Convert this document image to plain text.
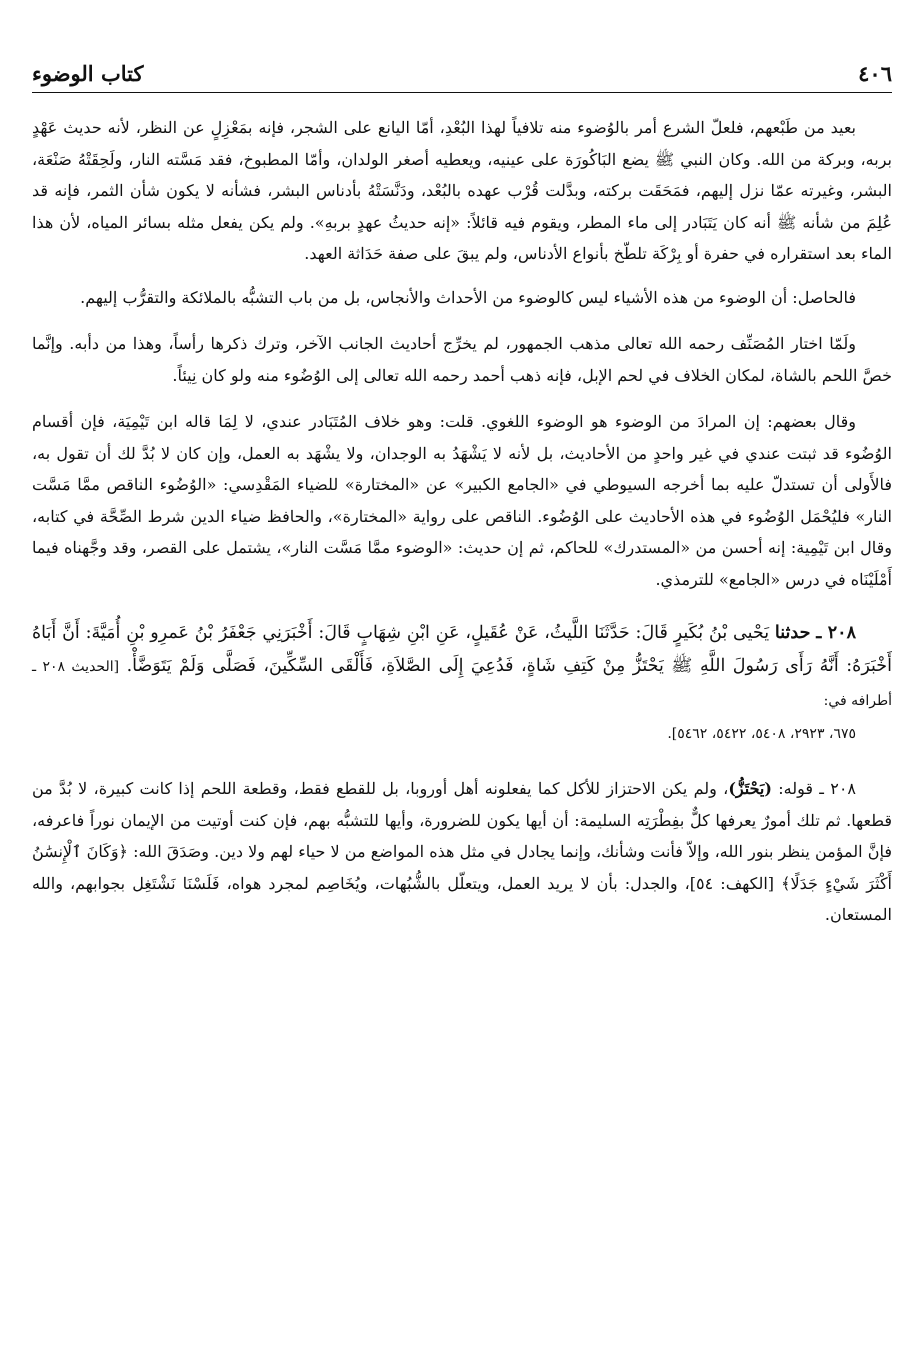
٤٠٦
كتاب الوضوء

بعيد من طَبْعهم، فلعلّ الشرع أمر بالوُضوء منه تلافياً لهذا البُعْدِ، أمّا اليانع على الشجر، فإنه بمَعْزِلٍ عن النظر، لأنه حديث عَهْدٍ بربه، وبركة من الله. وكان النبي ﷺ يضع البَاكُورَة على عينيه، ويعطيه أصغر الولدان، وأمّا المطبوخ، فقد مَسَّته النار، ولَحِقَتْهُ صَنْعَة، البشر، وغيرته عمّا نزل إليهم، فمَحَقَت بركته، وبدَّلت قُرْب عهده بالبُعْد، ودَنَّسَتْهُ بأدناس البشر، فشأنه لا يكون شأن الثمر، فإنه قد عُلِمَ من شأنه ﷺ أنه كان يَتَبَادر إلى ماء المطر، ويقوم فيه قائلاً: «إنه حديثُ عهدٍ بربهِ». ولم يكن يفعل مثله بسائر المياه، لأن هذا الماء بعد استقراره في حفرة أو بِرْكَة تلطّخ بأنواع الأدناس، ولم يبقَ على صفة حَدَاثة العهد.

فالحاصل: أن الوضوء من هذه الأشياء ليس كالوضوء من الأحداث والأنجاس، بل من باب التشبُّه بالملائكة والتقرُّب إليهم.

ولَمّا اختار المُصَنِّف رحمه الله تعالى مذهب الجمهور، لم يخرِّج أحاديث الجانب الآخر، وترك ذكرها رأساً، وهذا من دأبه. وإنَّما خصَّ اللحم بالشاة، لمكان الخلاف في لحم الإبل، فإنه ذهب أحمد رحمه الله تعالى إلى الوُضُوء منه ولو كان نِيئاً.

وقال بعضهم: إن المرادَ من الوضوء هو الوضوء اللغوي. قلت: وهو خلاف المُتَبَادر عندي، لا لِمَا قاله ابن تَيْمِيَة، فإن أقسام الوُضُوء قد ثبتت عندي في غير واحدٍ من الأحاديث، بل لأنه لا يَشْهَدُ به الوجدان، ولا يشْهَد به العمل، وإن كان لا بُدَّ لك أن تقول به، فالأَولى أن تستدلّ عليه بما أخرجه السيوطي في «الجامع الكبير» عن «المختارة» للضياء المَقْدِسي: «الوُضُوء الناقص ممَّا مَسَّت النار» فليُحْمَل الوُضُوء في هذه الأحاديث على الوُضُوء. الناقص على رواية «المختارة»، والحافظ ضياء الدين شرط الصِّحَّة في كتابه، وقال ابن تَيْمِية: إنه أحسن من «المستدرك» للحاكم، ثم إن حديث: «الوضوء ممَّا مَسَّت النار»، يشتمل على القصر، وقد وجَّهناه فيما أَمْلَيْنَاه في درس «الجامع» للترمذي.

٢٠٨ ـ حدثنا يَحْيى بْنُ بُكَيرٍ قَالَ: حَدَّثَنَا اللَّيثُ، عَنْ عُقَيلٍ، عَنِ ابْنِ شِهَابٍ قَالَ: أَخْبَرَنِي جَعْفَرُ بْنُ عَمرِو بْنِ أُمَيَّةَ: أَنَّ أَبَاهُ أَخْبَرَهُ: أَنَّهُ رَأَى رَسُولَ اللَّهِ ﷺ يَحْتَزُّ مِنْ كَتِفِ شَاةٍ، فَدُعِيَ إِلَى الصَّلاَةِ، فَأَلْقَى السِّكِّينَ، فَصَلَّى وَلَمْ يَتَوَضَّأْ. [الحديث ٢٠٨ ـ أطرافه في:
٦٧٥، ٢٩٢٣، ٥٤٠٨، ٥٤٢٢، ٥٤٦٢].

٢٠٨ ـ قوله: (يَحْتَزُّ)، ولم يكن الاحتزاز للأكل كما يفعلونه أهل أوروبا، بل للقطع فقط، وقطعة اللحم إذا كانت كبيرة، لا بُدَّ من قطعها. ثم تلك أمورٌ يعرفها كلٌّ بفِطْرَتِه السليمة: أن أيها يكون للضرورة، وأيها للتشبُّه بهم، فإن كنت أوتيت من الإيمان نوراً فاعرفه، فإنَّ المؤمن ينظر بنور الله، وإلاّ فأنت وشأنك، وإنما يجادل في مثل هذه المواضع من لا حياء لهم ولا دين. وصَدَقَ الله: ﴿وَكَانَ ٱلْإِنسَٰنُ أَكْثَرَ شَيْءٍ جَدَلًا﴾ [الكهف: ٥٤]، والجدل: بأن لا يريد العمل، ويتعلّل بالشُّبُهات، ويُخَاصِم لمجرد هواه، فَلَسْنَا نَشْتَغِل بجوابهم، والله المستعان.
